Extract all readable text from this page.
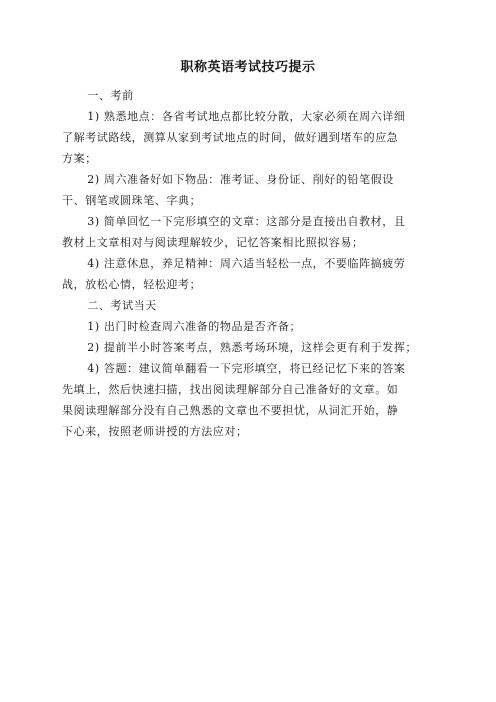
职称英语考试技巧提示
一、考前
1) 熟悉地点：各省考试地点都比较分散，大家必须在周六详细
了解考试路线，测算从家到考试地点的时间，做好遇到堵车的应急
方案；
2) 周六准备好如下物品：准考证、身份证、削好的铅笔假设
干、钢笔或圆珠笔、字典；
3) 简单回忆一下完形填空的文章：这部分是直接出自教材，且
教材上文章相对与阅读理解较少，记忆答案相比照拟容易；
4) 注意休息，养足精神：周六适当轻松一点，不要临阵搞疲劳
战，放松心情，轻松迎考；
二、考试当天
1) 出门时检查周六准备的物品是否齐备；
2) 提前半小时答案考点，熟悉考场环境，这样会更有利于发挥；
4) 答题：建议简单翻看一下完形填空，将已经记忆下来的答案
先填上，然后快速扫描，找出阅读理解部分自己准备好的文章。如
果阅读理解部分没有自己熟悉的文章也不要担忧，从词汇开始，静
下心来，按照老师讲授的方法应对；
